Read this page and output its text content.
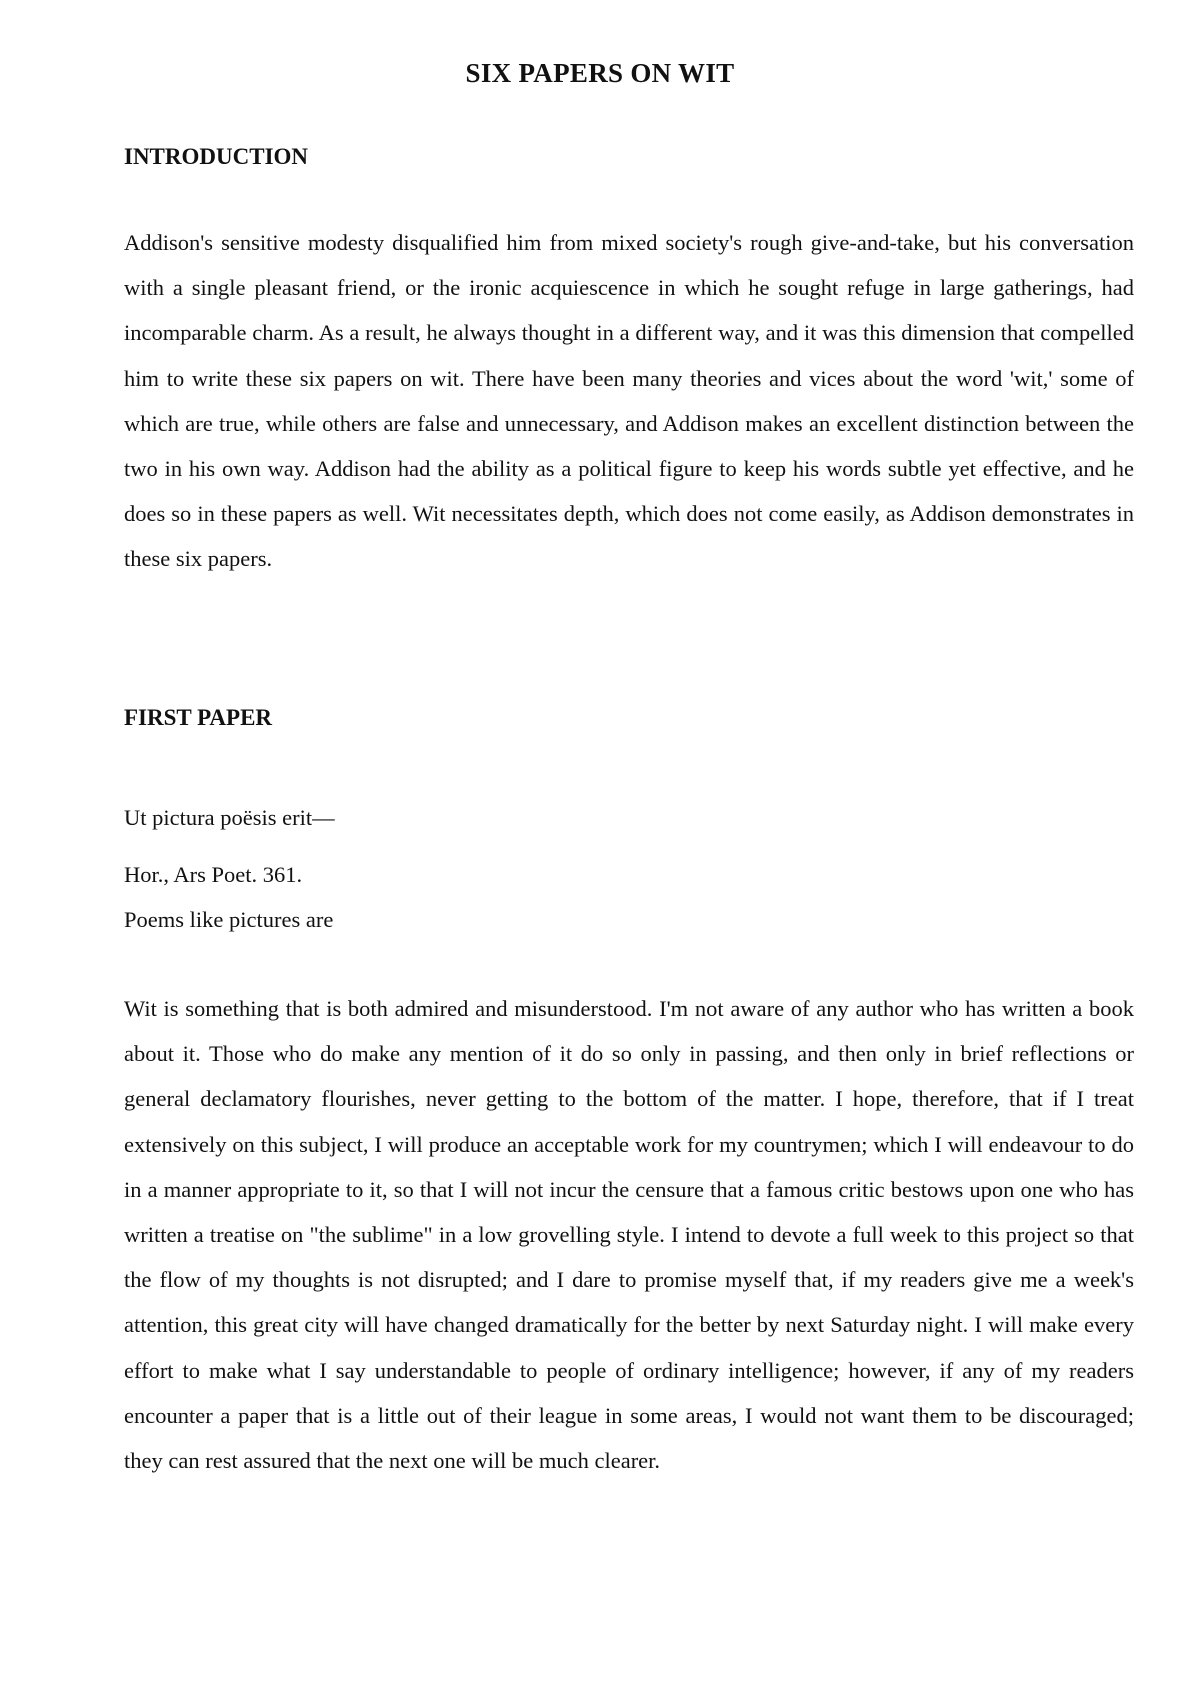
SIX PAPERS ON WIT
INTRODUCTION

Addison's sensitive modesty disqualified him from mixed society's rough give-and-take, but his conversation with a single pleasant friend, or the ironic acquiescence in which he sought refuge in large gatherings, had incomparable charm. As a result, he always thought in a different way, and it was this dimension that compelled him to write these six papers on wit. There have been many theories and vices about the word 'wit,' some of which are true, while others are false and unnecessary, and Addison makes an excellent distinction between the two in his own way. Addison had the ability as a political figure to keep his words subtle yet effective, and he does so in these papers as well. Wit necessitates depth, which does not come easily, as Addison demonstrates in these six papers.

FIRST PAPER
Ut pictura poësis erit—
Hor., Ars Poet. 361.
Poems like pictures are

Wit is something that is both admired and misunderstood. I'm not aware of any author who has written a book about it. Those who do make any mention of it do so only in passing, and then only in brief reflections or general declamatory flourishes, never getting to the bottom of the matter. I hope, therefore, that if I treat extensively on this subject, I will produce an acceptable work for my countrymen; which I will endeavour to do in a manner appropriate to it, so that I will not incur the censure that a famous critic bestows upon one who has written a treatise on "the sublime" in a low grovelling style. I intend to devote a full week to this project so that the flow of my thoughts is not disrupted; and I dare to promise myself that, if my readers give me a week's attention, this great city will have changed dramatically for the better by next Saturday night. I will make every effort to make what I say understandable to people of ordinary intelligence; however, if any of my readers encounter a paper that is a little out of their league in some areas, I would not want them to be discouraged; they can rest assured that the next one will be much clearer.
